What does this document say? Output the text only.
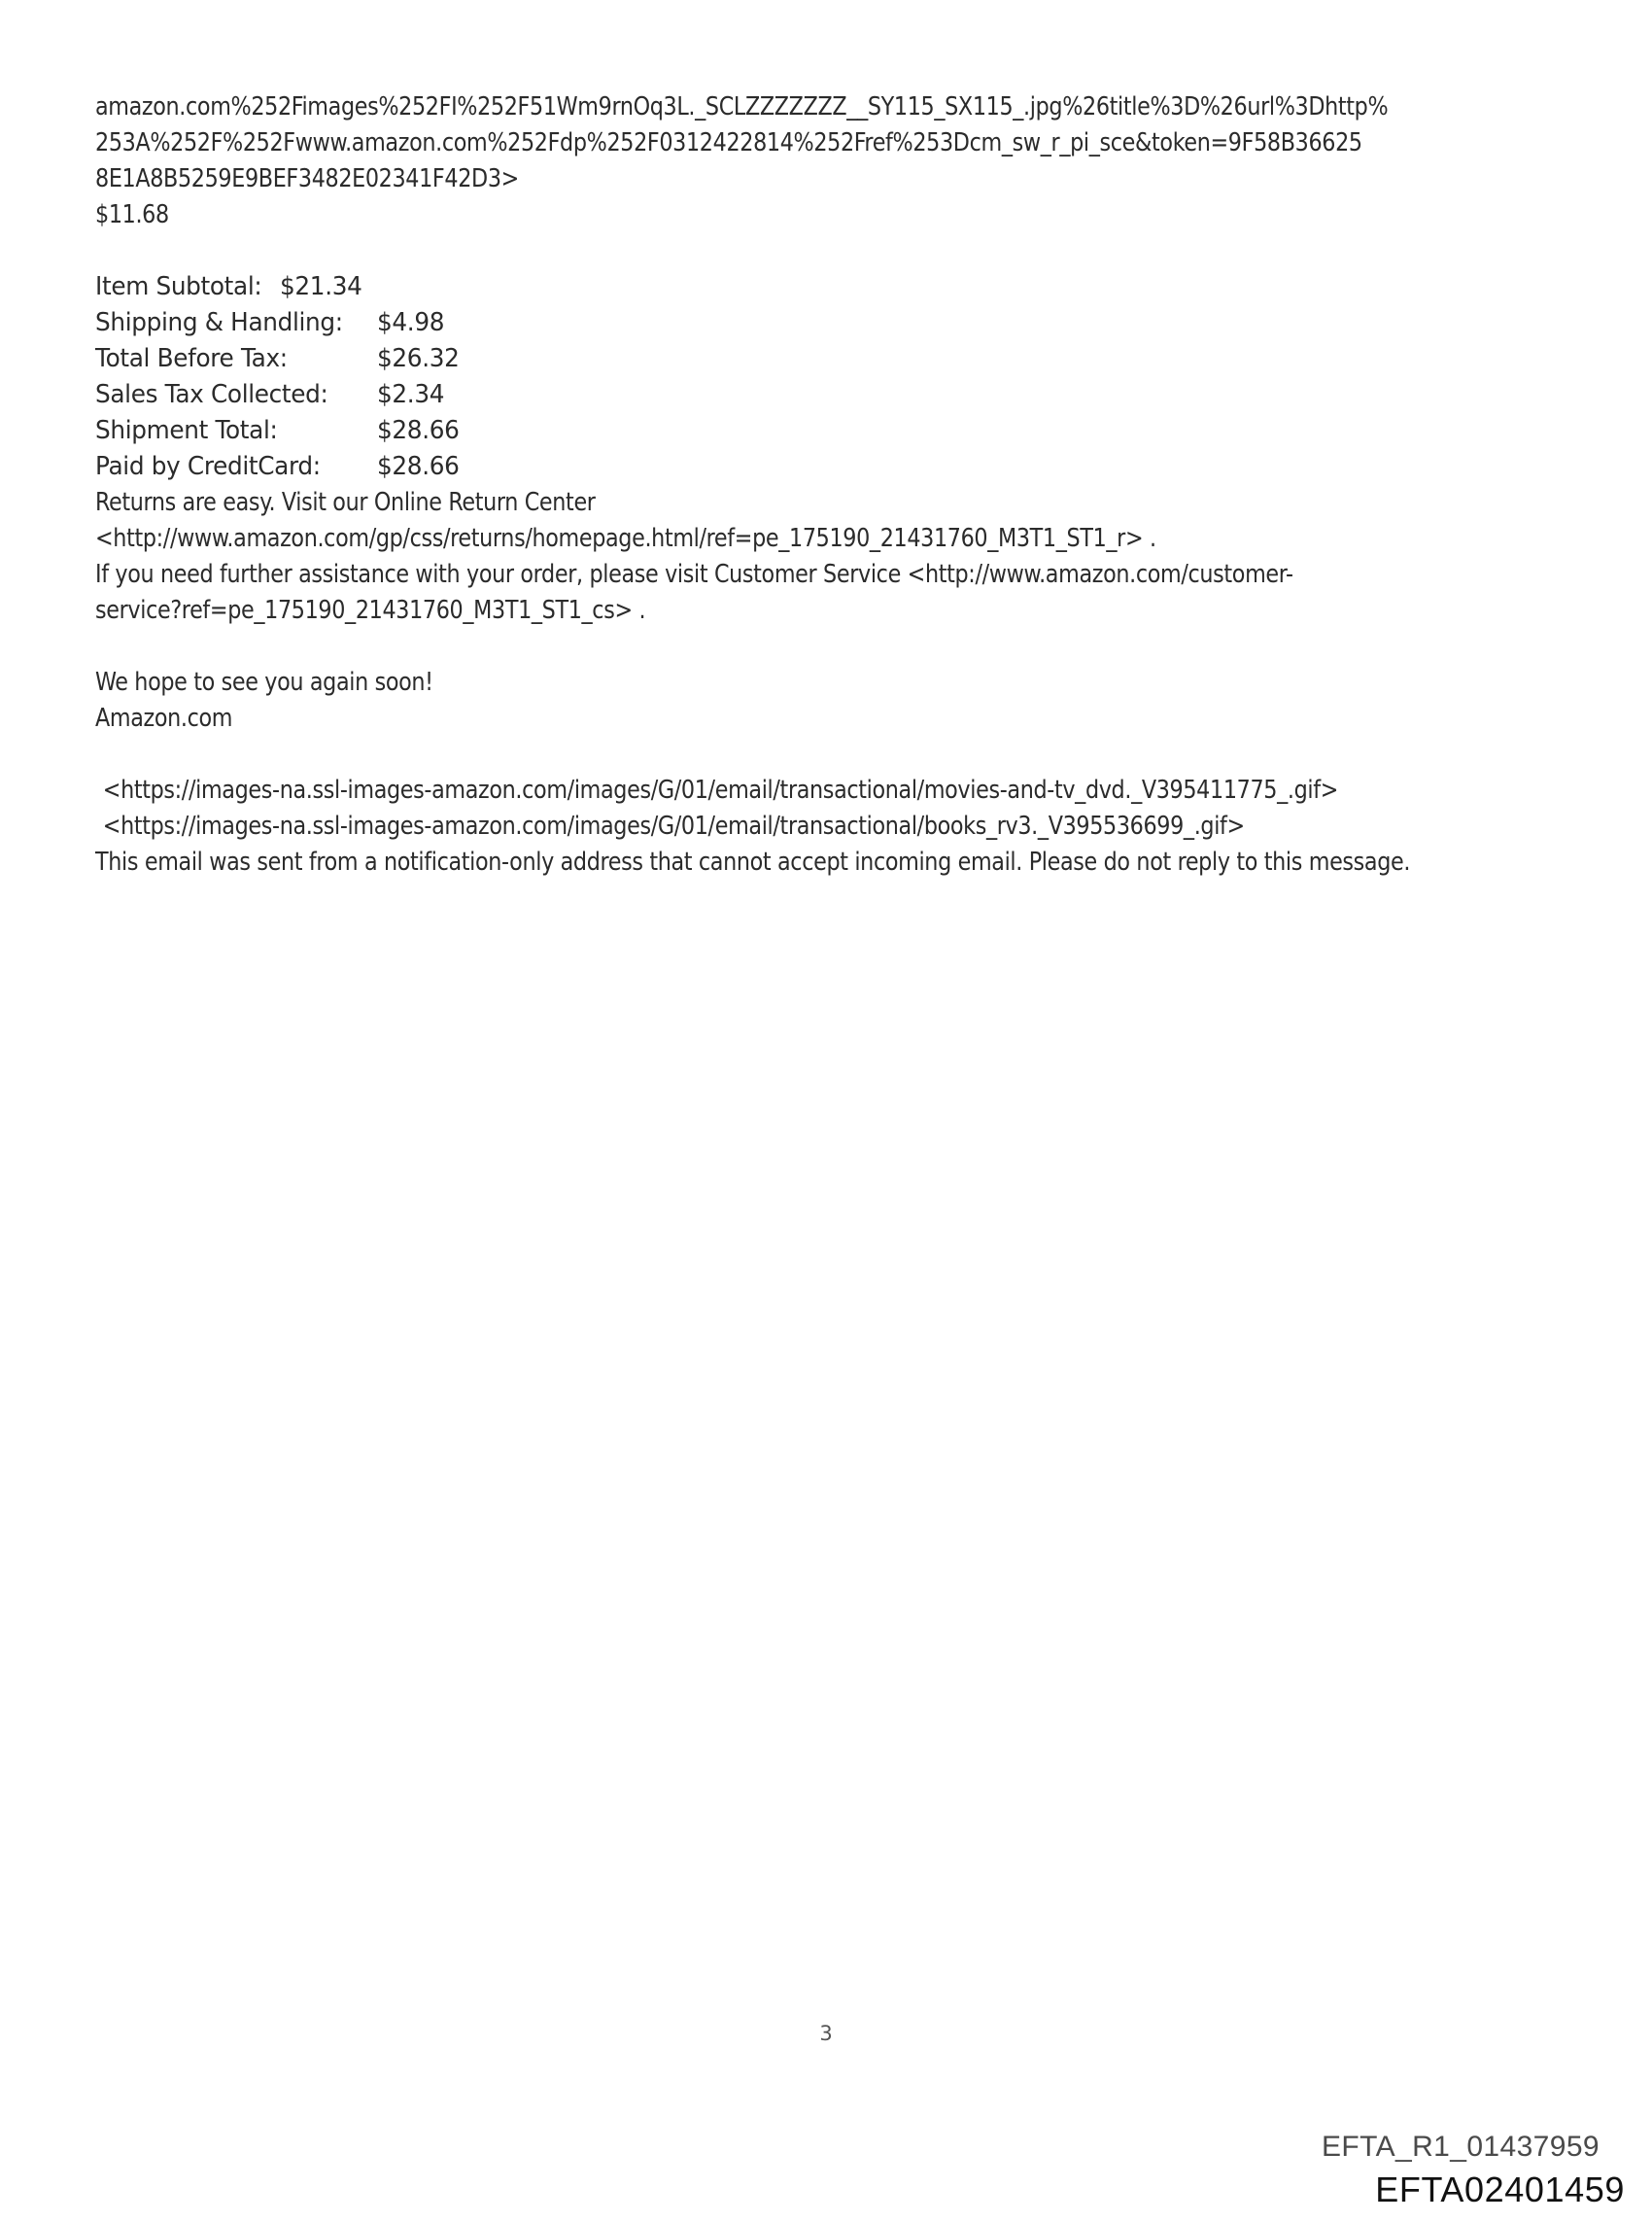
amazon.com%252Fimages%252FI%252F51Wm9rnOq3L._SCLZZZZZZZ__SY115_SX115_.jpg%26title%3D%26url%3Dhttp%
253A%252F%252Fwww.amazon.com%252Fdp%252F0312422814%252Fref%253Dcm_sw_r_pi_sce&token=9F58B36625
8E1A8B5259E9BEF3482E02341F42D3>
$11.68
Item Subtotal: $21.34
Shipping & Handling:	$4.98
Total Before Tax:	$26.32
Sales Tax Collected:	$2.34
Shipment Total:	$28.66
Paid by CreditCard:	$28.66
Returns are easy. Visit our Online Return Center
<http://www.amazon.com/gp/css/returns/homepage.html/ref=pe_175190_21431760_M3T1_ST1_r> .
If you need further assistance with your order, please visit Customer Service <http://www.amazon.com/customer-
service?ref=pe_175190_21431760_M3T1_ST1_cs> .
We hope to see you again soon!
Amazon.com
<https://images-na.ssl-images-amazon.com/images/G/01/email/transactional/movies-and-tv_dvd._V395411775_.gif>
<https://images-na.ssl-images-amazon.com/images/G/01/email/transactional/books_rv3._V395536699_.gif>
This email was sent from a notification-only address that cannot accept incoming email. Please do not reply to this message.
3
EFTA_R1_01437959
EFTA02401459
